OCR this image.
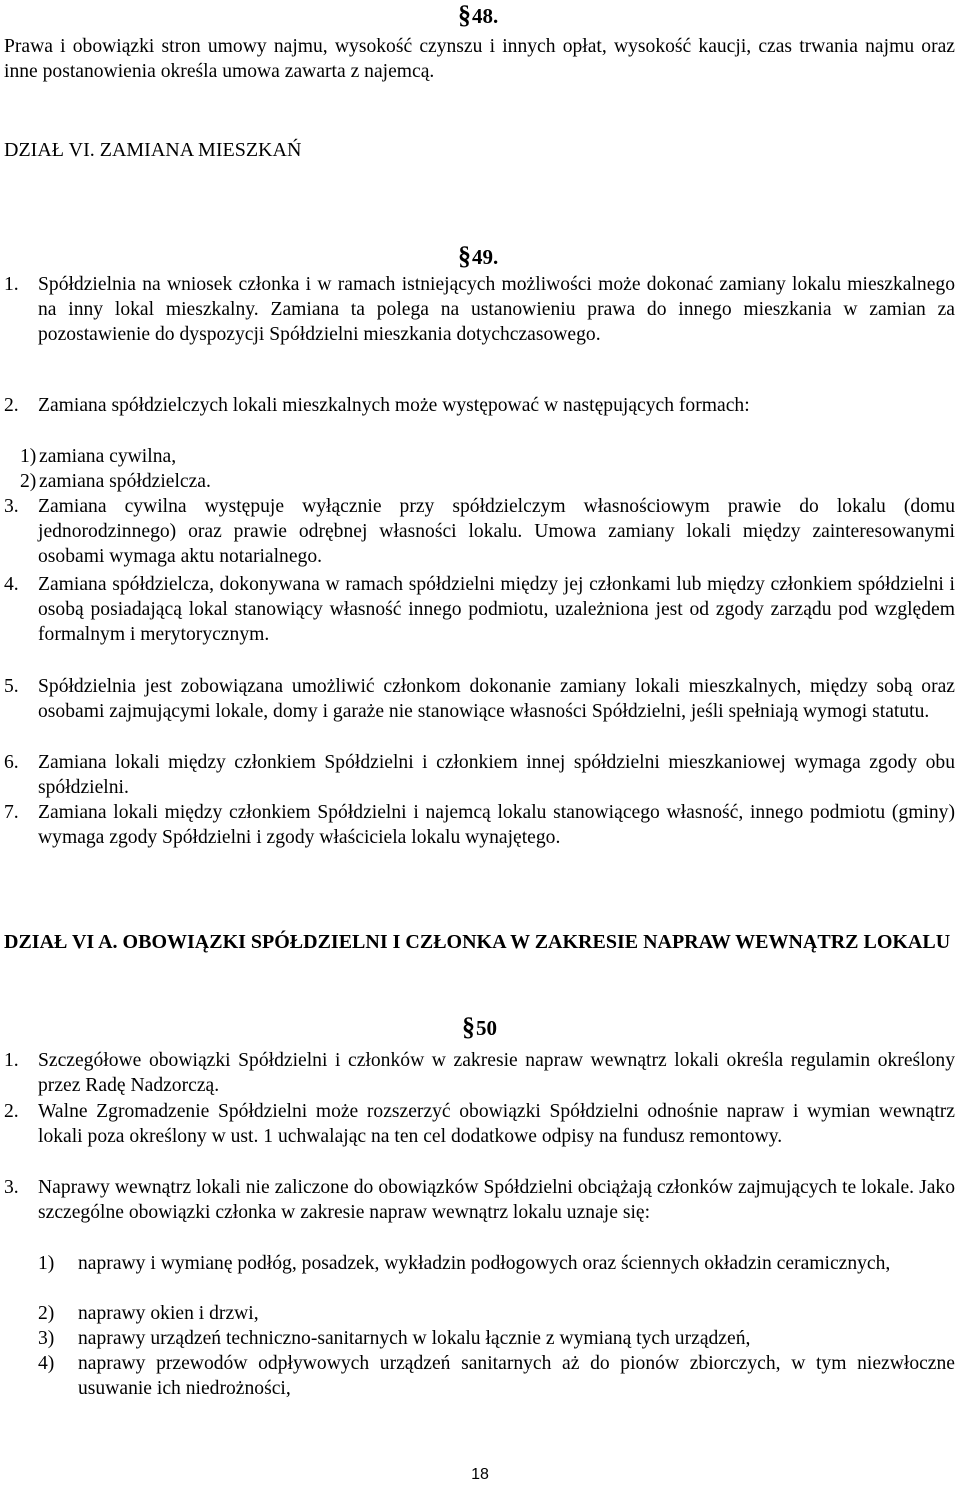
§48.
Prawa i obowiązki stron umowy najmu, wysokość czynszu i innych opłat, wysokość kaucji, czas trwania najmu oraz inne postanowienia określa umowa zawarta z najemcą.
DZIAŁ VI. ZAMIANA MIESZKAŃ
§49.
1. Spółdzielnia na wniosek członka i w ramach istniejących możliwości może dokonać zamiany lokalu mieszkalnego na inny lokal mieszkalny. Zamiana ta polega na ustanowieniu prawa do innego mieszkania w zamian za pozostawienie do dyspozycji Spółdzielni mieszkania dotychczasowego.
2. Zamiana spółdzielczych lokali mieszkalnych może występować w następujących formach:
1) zamiana cywilna,
2) zamiana spółdzielcza.
3. Zamiana cywilna występuje wyłącznie przy spółdzielczym własnościowym prawie do lokalu (domu jednorodzinnego) oraz prawie odrębnej własności lokalu. Umowa zamiany lokali między zainteresowanymi osobami wymaga aktu notarialnego.
4. Zamiana spółdzielcza, dokonywana w ramach spółdzielni między jej członkami lub między członkiem spółdzielni i osobą posiadającą lokal stanowiący własność innego podmiotu, uzależniona jest od zgody zarządu pod względem formalnym i merytorycznym.
5. Spółdzielnia jest zobowiązana umożliwić członkom dokonanie zamiany lokali mieszkalnych, między sobą oraz osobami zajmującymi lokale, domy i garaże nie stanowiące własności Spółdzielni, jeśli spełniają wymogi statutu.
6. Zamiana lokali między członkiem Spółdzielni i członkiem innej spółdzielni mieszkaniowej wymaga zgody obu spółdzielni.
7. Zamiana lokali między członkiem Spółdzielni i najemcą lokalu stanowiącego własność, innego podmiotu (gminy) wymaga zgody Spółdzielni i zgody właściciela lokalu wynajętego.
DZIAŁ VI A. OBOWIĄZKI SPÓŁDZIELNI I CZŁONKA W ZAKRESIE NAPRAW WEWNĄTRZ LOKALU
§50
1. Szczegółowe obowiązki Spółdzielni i członków w zakresie napraw wewnątrz lokali określa regulamin określony przez Radę Nadzorczą.
2. Walne Zgromadzenie Spółdzielni może rozszerzyć obowiązki Spółdzielni odnośnie napraw i wymian wewnątrz lokali poza określony w ust. 1 uchwalając na ten cel dodatkowe odpisy na fundusz remontowy.
3. Naprawy wewnątrz lokali nie zaliczone do obowiązków Spółdzielni obciążają członków zajmujących te lokale. Jako szczególne obowiązki członka w zakresie napraw wewnątrz lokalu uznaje się:
1) naprawy i wymianę podłóg, posadzek, wykładzin podłogowych oraz ściennych okładzin ceramicznych,
2) naprawy okien i drzwi,
3) naprawy urządzeń techniczno-sanitarnych w lokalu łącznie z wymianą tych urządzeń,
4) naprawy przewodów odpływowych urządzeń sanitarnych aż do pionów zbiorczych, w tym niezwłoczne usuwanie ich niedrożności,
18
